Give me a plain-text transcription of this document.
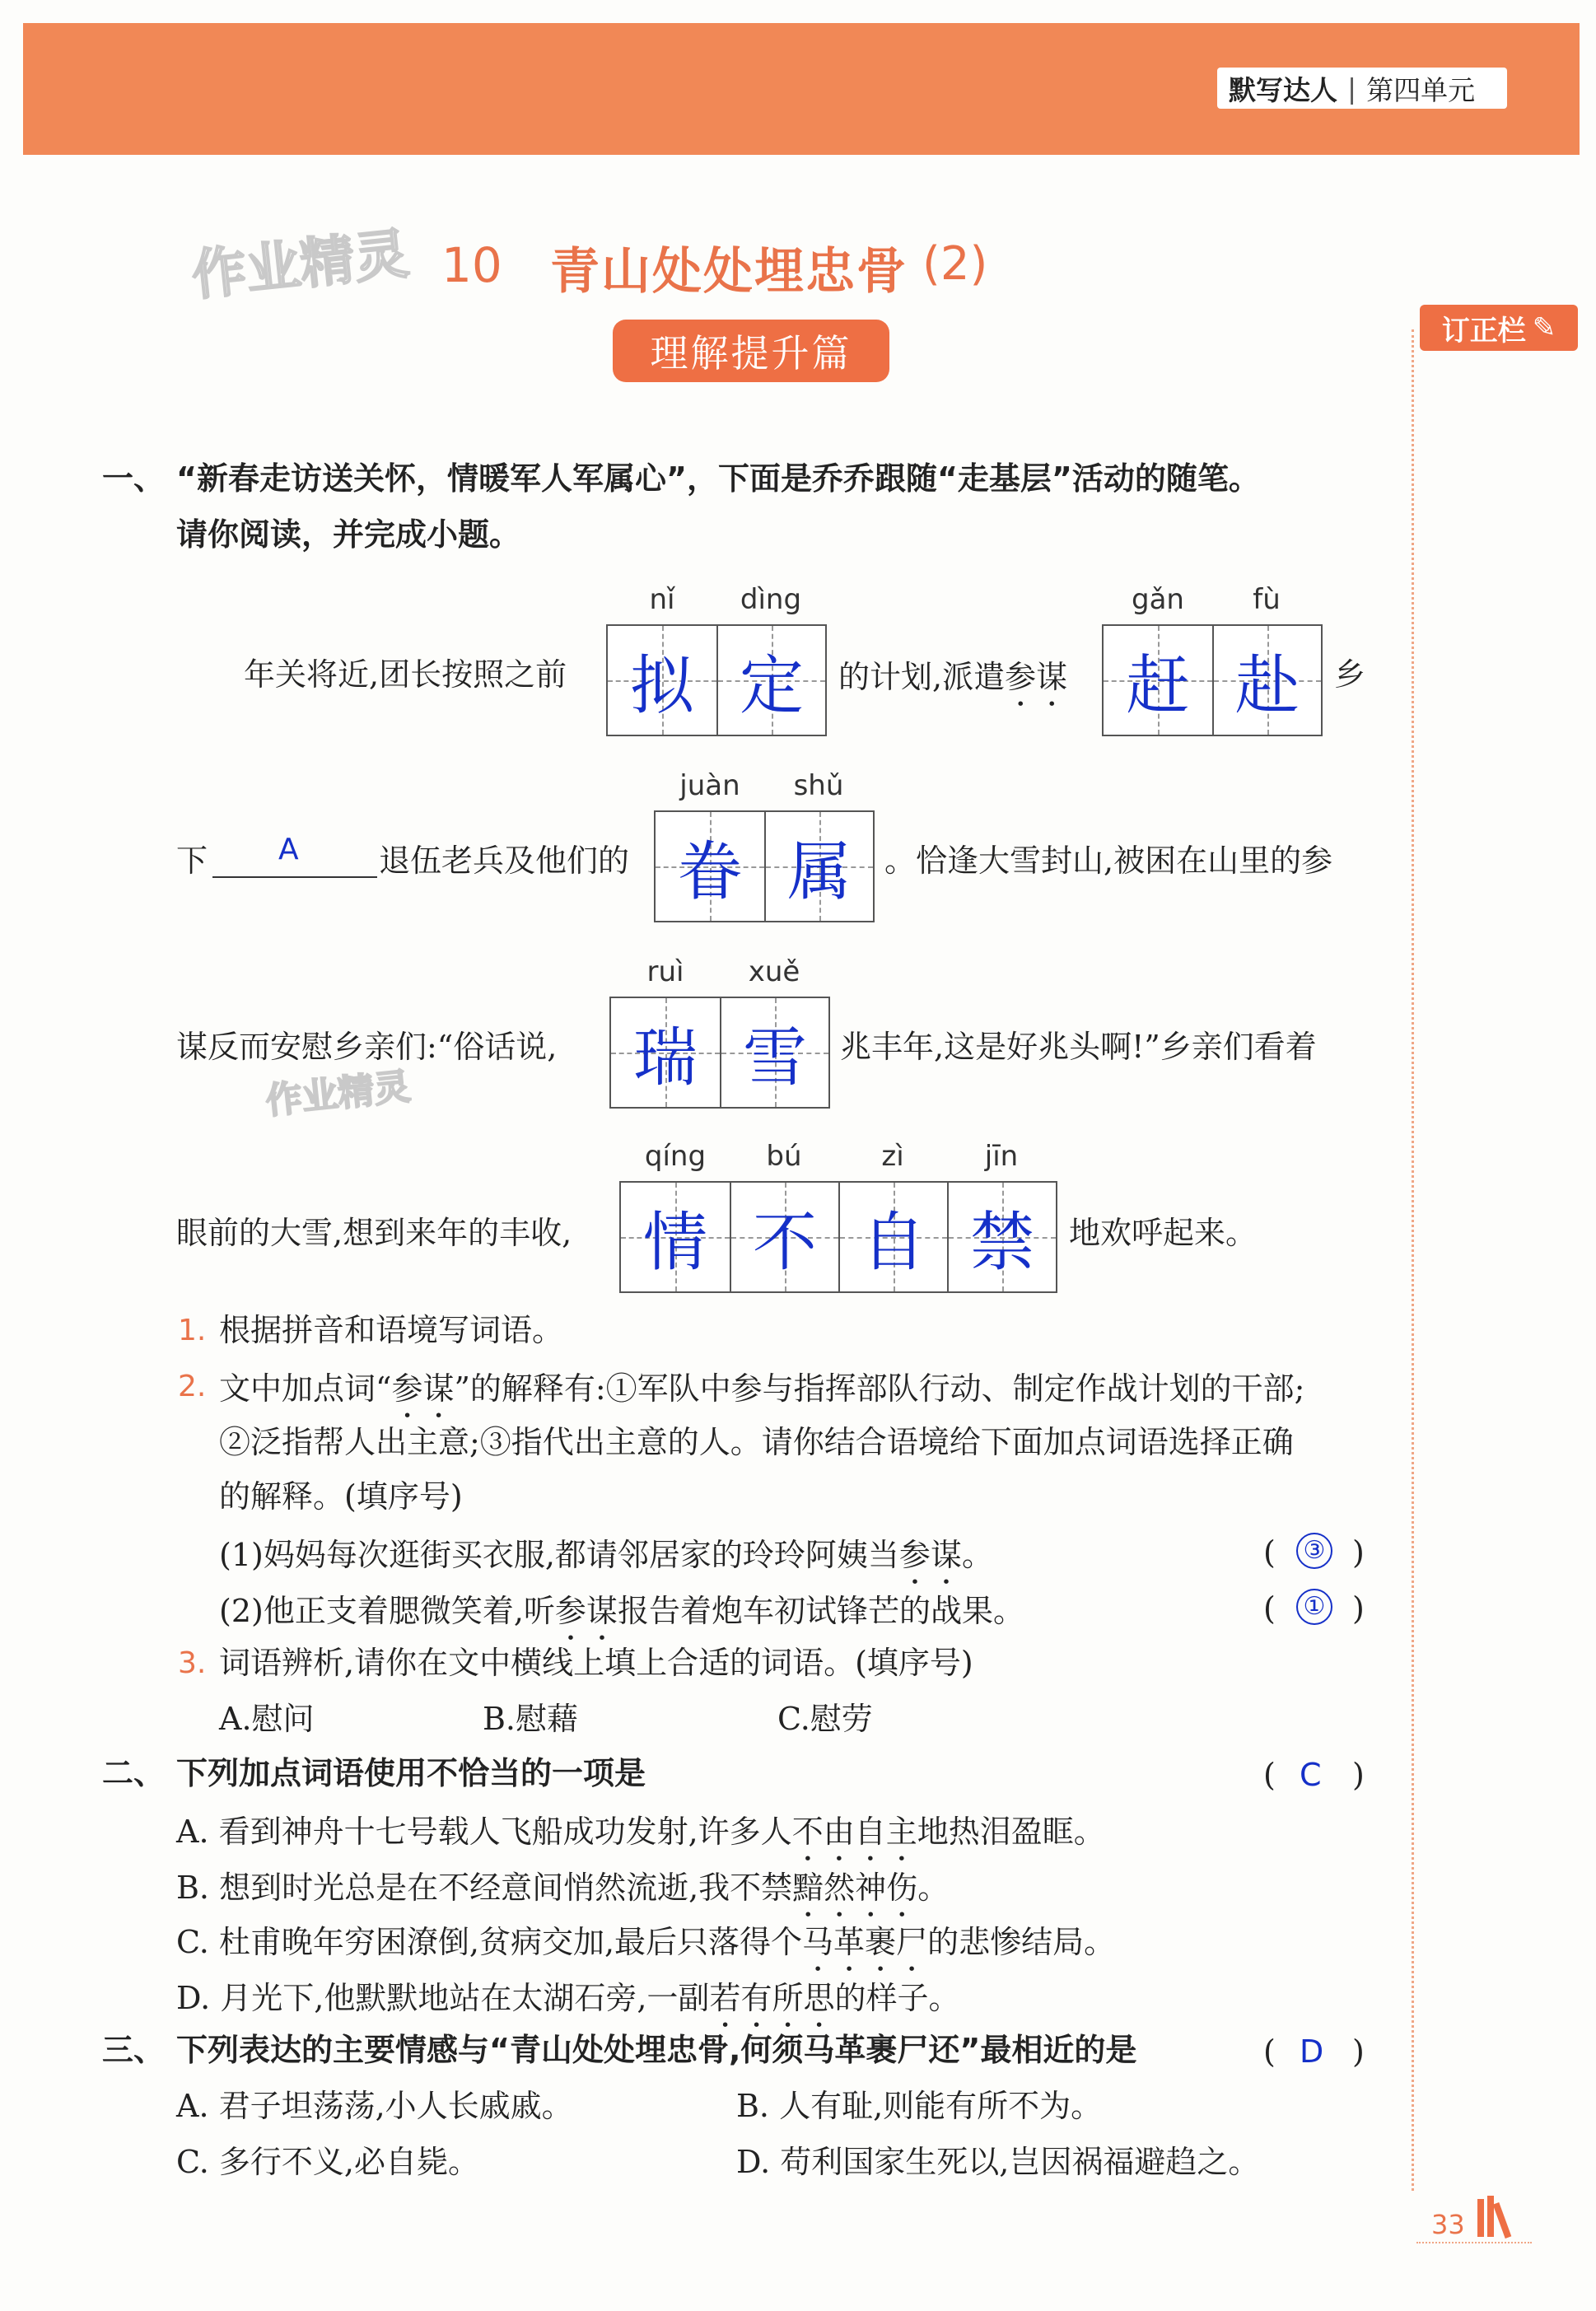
默写达人 | 第四单元
作业精灵
作业精灵
10 青山处处埋忠骨 (2)
理解提升篇
订正栏 ✎
一、 “新春走访送关怀，情暖军人军属心”，下面是乔乔跟随“走基层”活动的随笔。
请你阅读，并完成小题。
nǐ	dìng	gǎn	fù
年关将近,团长按照之前 拟 定 的计划,派遣参谋 赶 赴 乡
juàn	shǔ
下 A	退伍老兵及他们的 眷 属 。恰逢大雪封山,被困在山里的参
ruì	xuě
谋反而安慰乡亲们:“俗话说, 瑞 雪 兆丰年,这是好兆头啊!”乡亲们看着
qíng	bú	zì	jīn
眼前的大雪,想到来年的丰收, 情 不 自 禁 地欢呼起来。
1. 根据拼音和语境写词语。
2. 文中加点词“参谋”的解释有:①军队中参与指挥部队行动、制定作战计划的干部;
②泛指帮人出主意;③指代出主意的人。请你结合语境给下面加点词语选择正确
的解释。(填序号)
(1)妈妈每次逛街买衣服,都请邻居家的玲玲阿姨当参谋。	( ③ )
(2)他正支着腮微笑着,听参谋报告着炮车初试锋芒的战果。	( ① )
3. 词语辨析,请你在文中横线上填上合适的词语。(填序号)
A.慰问	B.慰藉	C.慰劳
二、 下列加点词语使用不恰当的一项是	( C )
A. 看到神舟十七号载人飞船成功发射,许多人不由自主地热泪盈眶。
B. 想到时光总是在不经意间悄然流逝,我不禁黯然神伤。
C. 杜甫晚年穷困潦倒,贫病交加,最后只落得个马革裹尸的悲惨结局。
D. 月光下,他默默地站在太湖石旁,一副若有所思的样子。
三、 下列表达的主要情感与“青山处处埋忠骨,何须马革裹尸还”最相近的是	( D )
A. 君子坦荡荡,小人长戚戚。	B. 人有耻,则能有所不为。
C. 多行不义,必自毙。	D. 苟利国家生死以,岂因祸福避趋之。
33
